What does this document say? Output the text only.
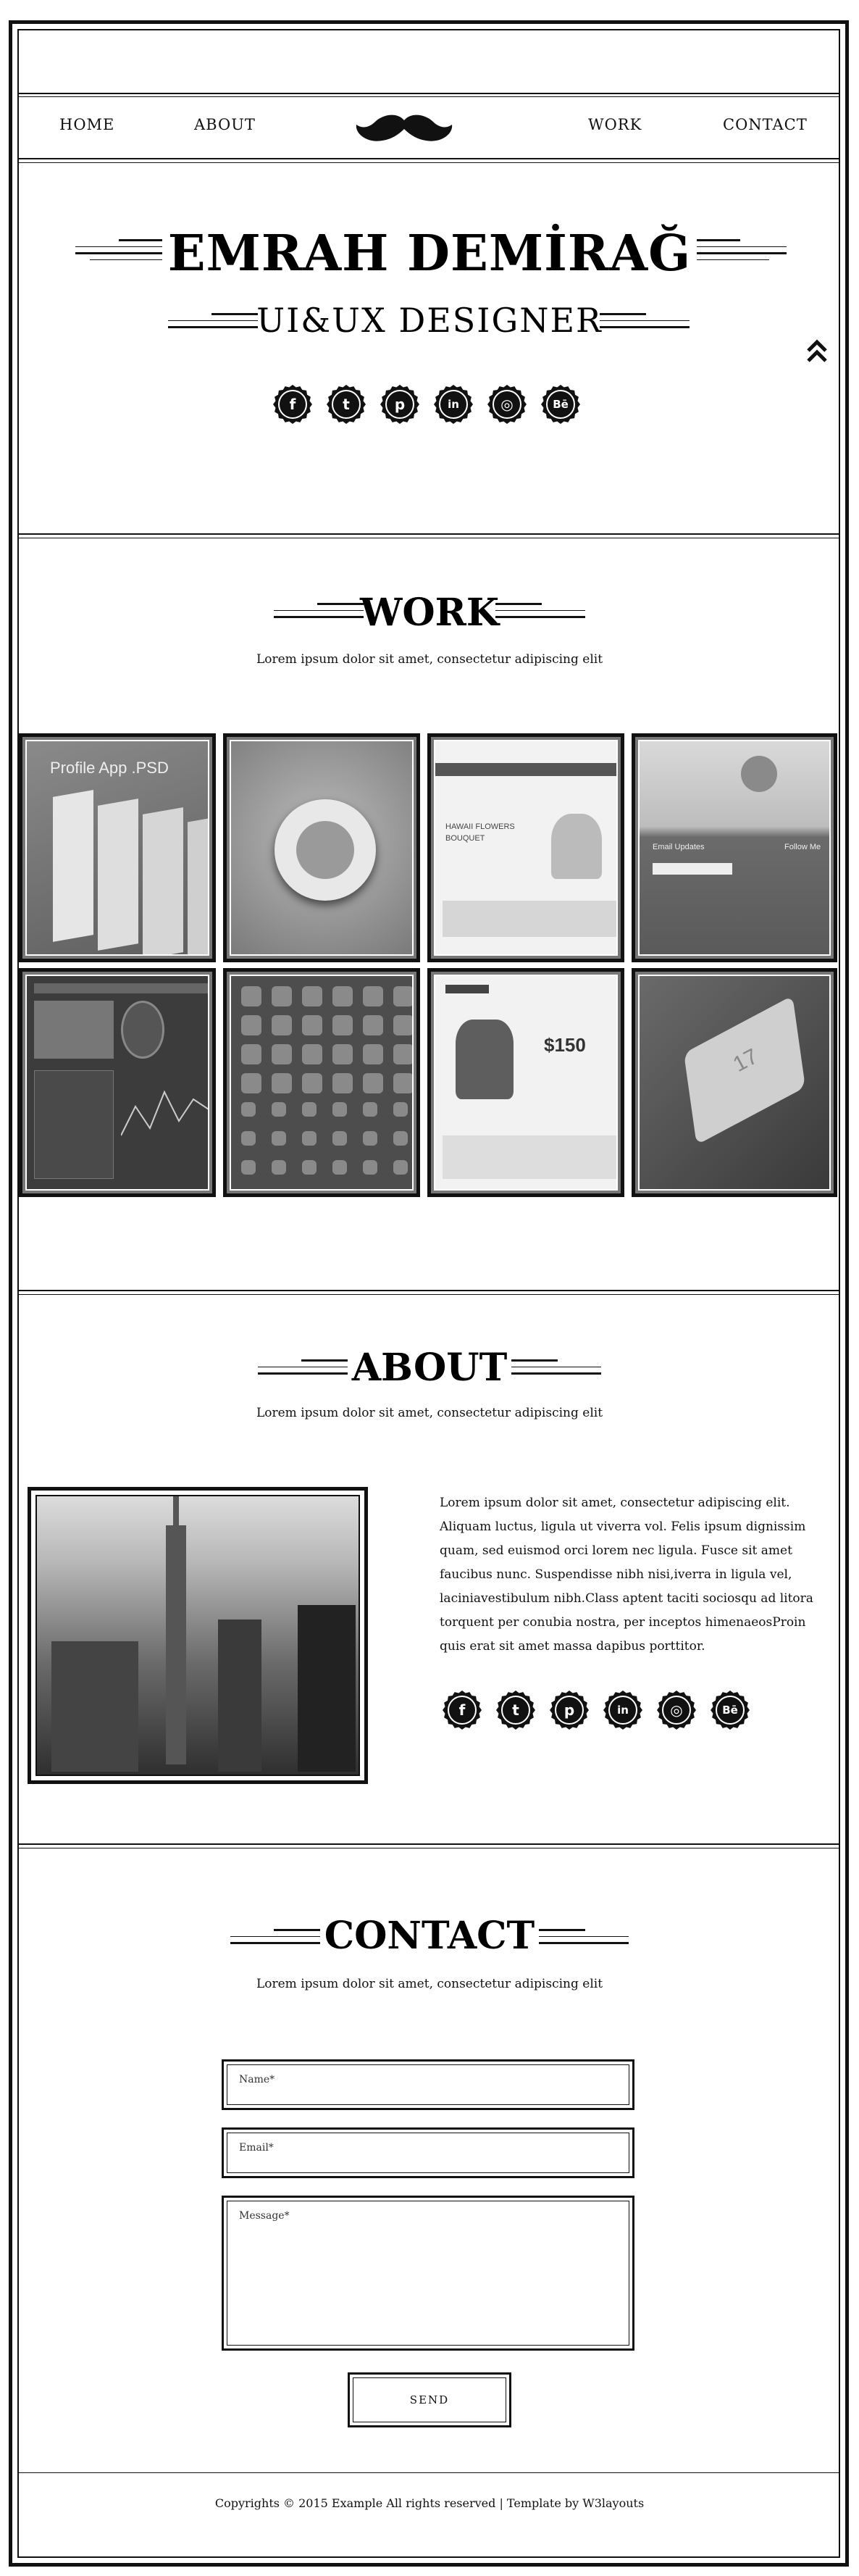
HOME	ABOUT	WORK	CONTACT
EMRAH DEMİRAĞ
UI&UX DESIGNER
f	t	p	in	◎	Bē
WORK
Lorem ipsum dolor sit amet, consectetur adipiscing elit
Profile App .PSD
HAWAII FLOWERS BOUQUET
Email Updates	Follow Me
$150	17
ABOUT
Lorem ipsum dolor sit amet, consectetur adipiscing elit
Lorem ipsum dolor sit amet, consectetur adipiscing elit. Aliquam luctus, ligula ut viverra vol. Felis ipsum dignissim quam, sed euismod orci lorem nec ligula. Fusce sit amet faucibus nunc. Suspendisse nibh nisi,iverra in ligula vel, laciniavestibulum nibh.Class aptent taciti sociosqu ad litora torquent per conubia nostra, per inceptos himenaeosProin quis erat sit amet massa dapibus porttitor.
f	t	p	in	◎	Bē
CONTACT
Lorem ipsum dolor sit amet, consectetur adipiscing elit
Name*
Email*
Message*
SEND
Copyrights © 2015 Example All rights reserved | Template by W3layouts
